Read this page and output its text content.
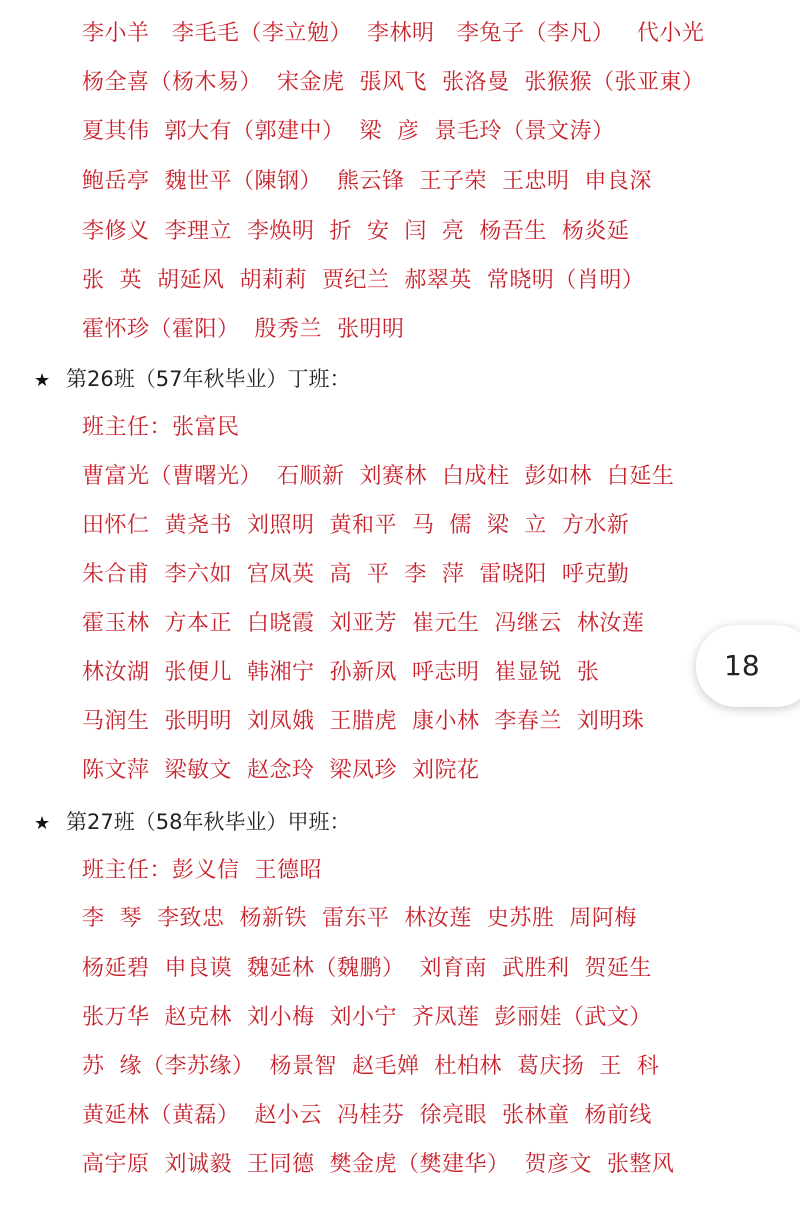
李小羊   李毛毛（李立勉）  李林明   李兔子（李凡）   代小光
杨全喜（杨木易）  宋金虎  張风飞  张洛曼  张猴猴（张亚東）
夏其伟  郭大有（郭建中）  梁  彦  景毛玲（景文涛）
鲍岳亭  魏世平（陳钢）  熊云锋  王子荣  王忠明  申良深
李修义  李理立  李焕明  折  安  闫  亮  杨吾生  杨炎延
张  英  胡延风  胡莉莉  贾纪兰  郝翠英  常晓明（肖明）
霍怀珍（霍阳）  殷秀兰  张明明
★ 第26班（57年秋毕业）丁班：
班主任：张富民
曹富光（曹曙光）  石顺新  刘赛林  白成柱  彭如林  白延生
田怀仁  黄尧书  刘照明  黄和平  马  儒  梁  立  方水新
朱合甫  李六如  宫凤英  高  平  李  萍  雷晓阳  呼克勤
霍玉林  方本正  白晓霞  刘亚芳  崔元生  冯继云  林汝莲
林汝湖  张便儿  韩湘宁  孙新凤  呼志明  崔显锐  张
马润生  张明明  刘凤娥  王腊虎  康小林  李春兰  刘明珠
陈文萍  梁敏文  赵念玲  梁凤珍  刘院花
★ 第27班（58年秋毕业）甲班：
班主任：彭义信  王德昭
李  琴  李致忠  杨新铁  雷东平  林汝莲  史苏胜  周阿梅
杨延碧  申良谟  魏延林（魏鹏）  刘育南  武胜利  贺延生
张万华  赵克林  刘小梅  刘小宁  齐凤莲  彭丽娃（武文）
苏  缘（李苏缘）  杨景智  赵毛婵  杜柏林  葛庆扬  王  科
黄延林（黄磊）  赵小云  冯桂芬  徐亮眼  张林童  杨前线
高宇原  刘诚毅  王同德  樊金虎（樊建华）  贺彦文  张整风
18
